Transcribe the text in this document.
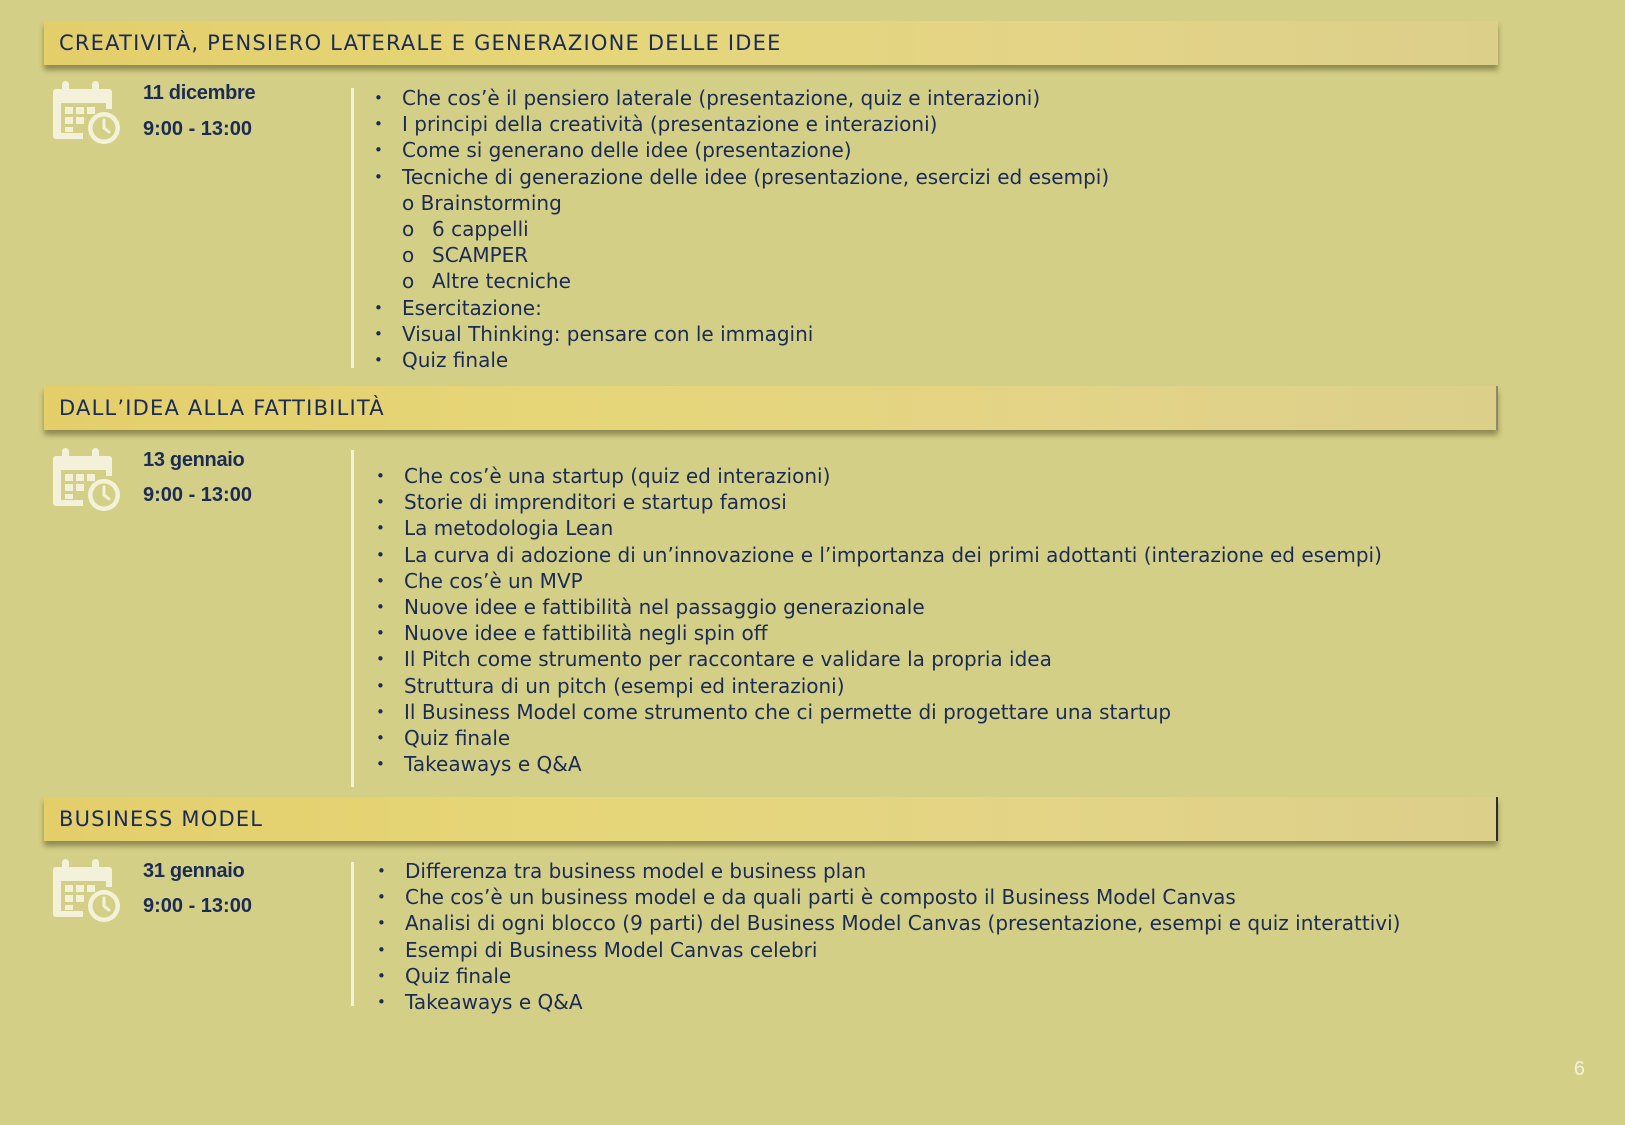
CREATIVITÀ, PENSIERO LATERALE E GENERAZIONE DELLE IDEE
11 dicembre
9:00 - 13:00
• Che cos’è il pensiero laterale (presentazione, quiz e interazioni)
• I principi della creatività (presentazione e interazioni)
• Come si generano delle idee (presentazione)
• Tecniche di generazione delle idee (presentazione, esercizi ed esempi)
o Brainstorming
o 6 cappelli
o SCAMPER
o Altre tecniche
• Esercitazione:
• Visual Thinking: pensare con le immagini
• Quiz finale
DALL’IDEA ALLA FATTIBILITÀ
13 gennaio
9:00 - 13:00
• Che cos’è una startup (quiz ed interazioni)
• Storie di imprenditori e startup famosi
• La metodologia Lean
• La curva di adozione di un’innovazione e l’importanza dei primi adottanti (interazione ed esempi)
• Che cos’è un MVP
• Nuove idee e fattibilità nel passaggio generazionale
• Nuove idee e fattibilità negli spin off
• Il Pitch come strumento per raccontare e validare la propria idea
• Struttura di un pitch (esempi ed interazioni)
• Il Business Model come strumento che ci permette di progettare una startup
• Quiz finale
• Takeaways e Q&A
BUSINESS MODEL
31 gennaio
9:00 - 13:00
• Differenza tra business model e business plan
• Che cos’è un business model e da quali parti è composto il Business Model Canvas
• Analisi di ogni blocco (9 parti) del Business Model Canvas (presentazione, esempi e quiz interattivi)
• Esempi di Business Model Canvas celebri
• Quiz finale
• Takeaways e Q&A
6
